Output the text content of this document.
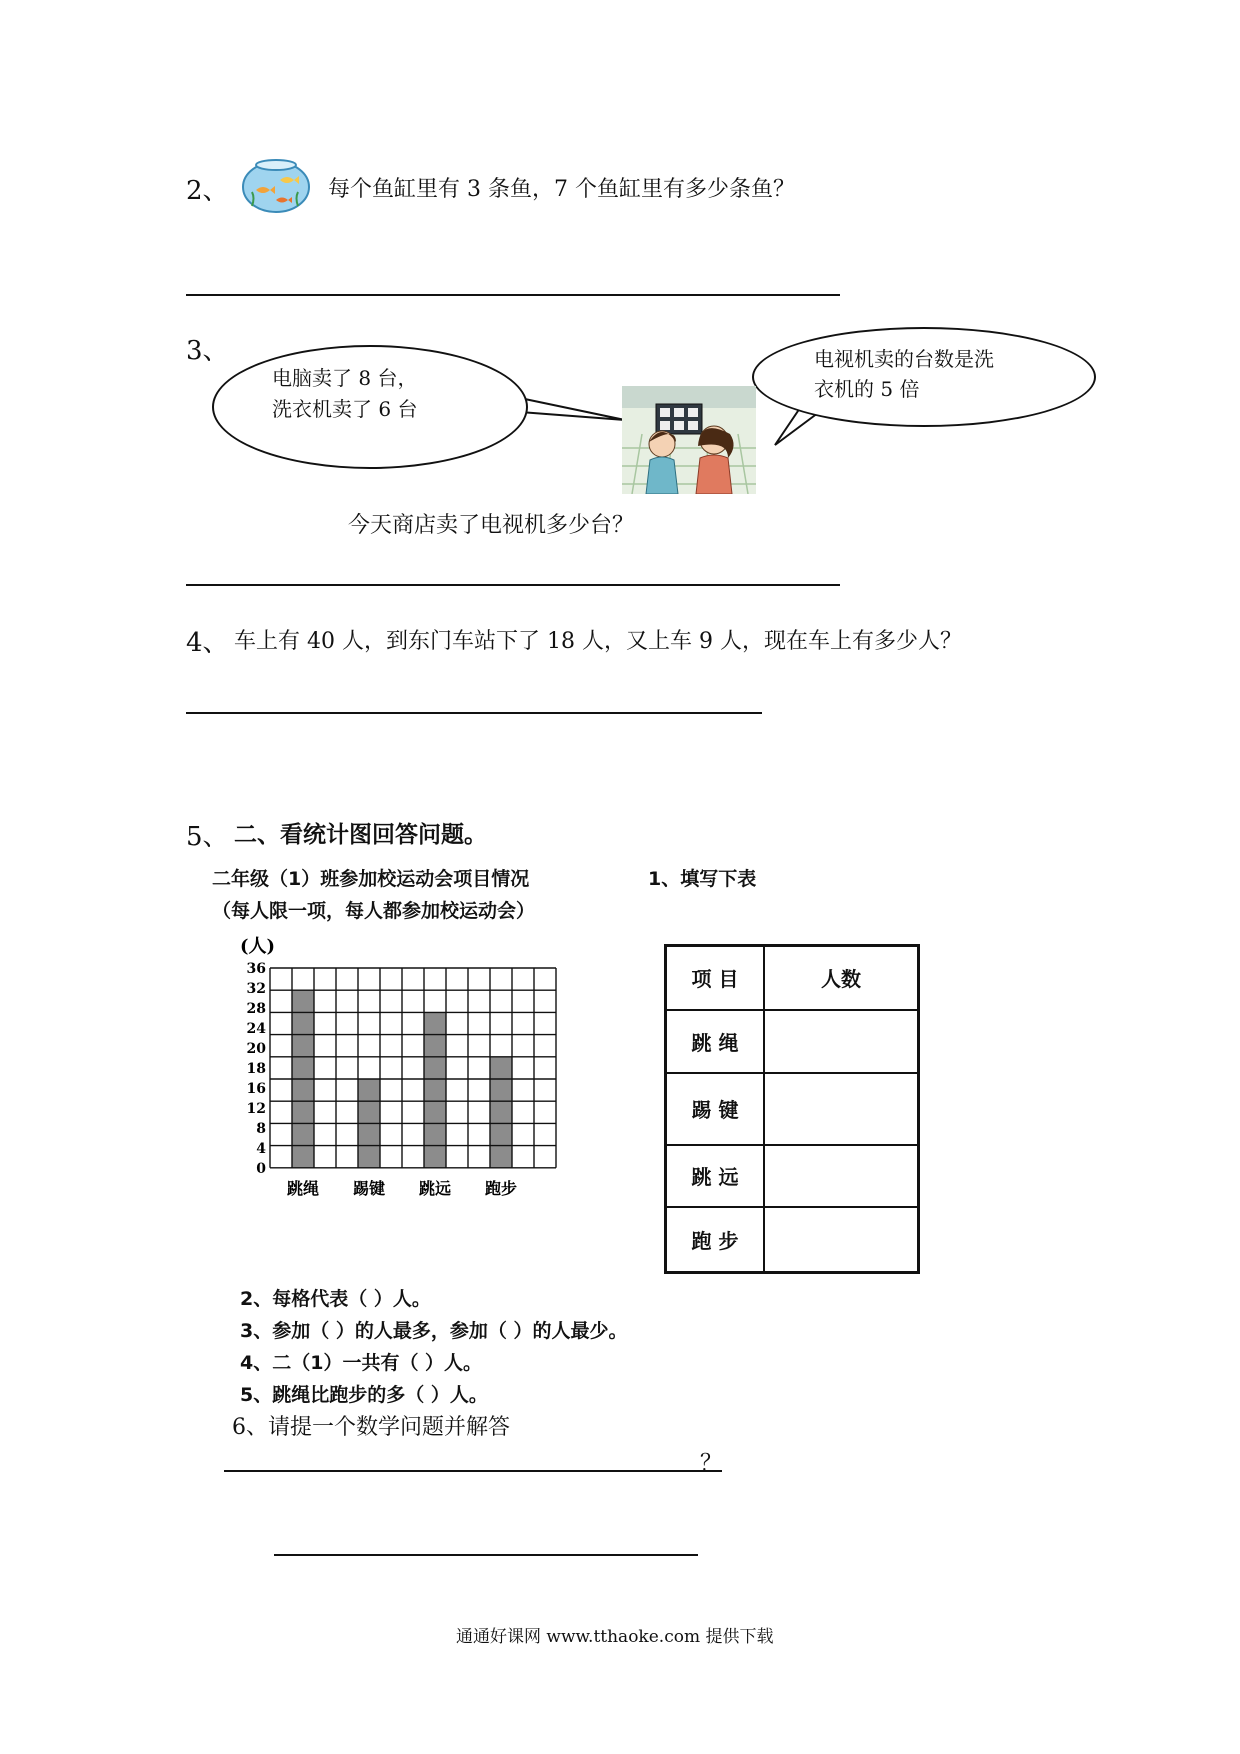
2、	每个鱼缸里有 3 条鱼，7 个鱼缸里有多少条鱼？
3、
电脑卖了 8 台，
洗衣机卖了 6 台
电视机卖的台数是洗
衣机的 5 倍
今天商店卖了电视机多少台？
4、 车上有 40 人，到东门车站下了 18 人，又上车 9 人，现在车上有多少人？
5、 二、看统计图回答问题。
二年级（1）班参加校运动会项目情况
（每人限一项，每人都参加校运动会）
1、填写下表
(人)
跳绳 踢键 跳远 跑步
0
4
8
12
16
18
20
24
28
32
36	项 目	人数
跳 绳	
踢 键	
跳 远	
跑 步	
2、每格代表（ ）人。
3、参加（ ）的人最多，参加（ ）的人最少。
4、二（1）一共有（ ）人。
5、跳绳比跑步的多（ ）人。
6、请提一个数学问题并解答
？
通通好课网 www.tthaoke.com 提供下载
